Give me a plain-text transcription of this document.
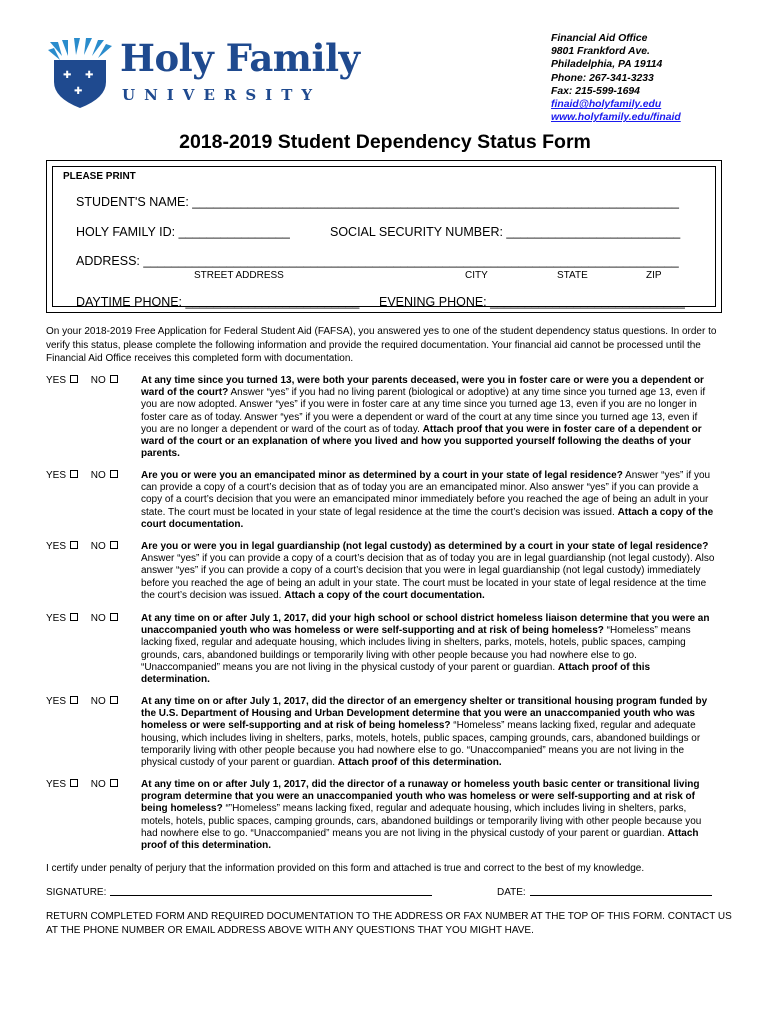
✚ ✚
✚
Holy Family
UNIVERSITY
Financial Aid Office
9801 Frankford Ave.
Philadelphia, PA 19114
Phone: 267-341-3233
Fax: 215-599-1694
finaid@holyfamily.edu
www.holyfamily.edu/finaid
2018-2019 Student Dependency Status Form
PLEASE PRINT
STUDENT'S NAME: ______________________________________________________________________
HOLY FAMILY ID: ________________	SOCIAL SECURITY NUMBER: _________________________
ADDRESS: _____________________________________________________________________________
STREET ADDRESS	CITY	STATE	ZIP
DAYTIME PHONE: _________________________ EVENING PHONE: ____________________________
On your 2018-2019 Free Application for Federal Student Aid (FAFSA), you answered yes to one of the student dependency status questions. In order to verify this status, please complete the following information and provide the required documentation. Your financial aid cannot be processed until the Financial Aid Office receives this completed form with documentation.
YES NO	At any time since you turned 13, were both your parents deceased, were you in foster care or were you a dependent or ward of the court? Answer “yes” if you had no living parent (biological or adoptive) at any time since you turned age 13, even if you are now adopted. Answer “yes” if you were in foster care at any time since you turned age 13, even if you are no longer in foster care as of today. Answer “yes” if you were a dependent or ward of the court at any time since you turned age 13, even if you are no longer a dependent or ward of the court as of today. Attach proof that you were in foster care of a dependent or ward of the court or an explanation of where you lived and how you supported yourself following the deaths of your parents.
YES NO	Are you or were you an emancipated minor as determined by a court in your state of legal residence? Answer “yes” if you can provide a copy of a court’s decision that as of today you are an emancipated minor. Also answer “yes” if you can provide a copy of a court’s decision that you were an emancipated minor immediately before you reached the age of being an adult in your state. The court must be located in your state of legal residence at the time the court’s decision was issued. Attach a copy of the court documentation.
YES NO	Are you or were you in legal guardianship (not legal custody) as determined by a court in your state of legal residence? Answer “yes” if you can provide a copy of a court’s decision that as of today you are in legal guardianship (not legal custody). Also answer “yes” if you can provide a copy of a court’s decision that you were in legal guardianship (not legal custody) immediately before you reached the age of being an adult in your state. The court must be located in your state of legal residence at the time the court’s decision was issued. Attach a copy of the court documentation.
YES NO	At any time on or after July 1, 2017, did your high school or school district homeless liaison determine that you were an unaccompanied youth who was homeless or were self-supporting and at risk of being homeless? “Homeless” means lacking fixed, regular and adequate housing, which includes living in shelters, parks, motels, hotels, public spaces, camping grounds, cars, abandoned buildings or temporarily living with other people because you had nowhere else to go. “Unaccompanied” means you are not living in the physical custody of your parent or guardian. Attach proof of this determination.
YES NO	At any time on or after July 1, 2017, did the director of an emergency shelter or transitional housing program funded by the U.S. Department of Housing and Urban Development determine that you were an unaccompanied youth who was homeless or were self-supporting and at risk of being homeless? “Homeless” means lacking fixed, regular and adequate housing, which includes living in shelters, parks, motels, hotels, public spaces, camping grounds, cars, abandoned buildings or temporarily living with other people because you had nowhere else to go. “Unaccompanied” means you are not living in the physical custody of your parent or guardian. Attach proof of this determination.
YES NO	At any time on or after July 1, 2017, did the director of a runaway or homeless youth basic center or transitional living program determine that you were an unaccompanied youth who was homeless or were self-supporting and at risk of being homeless? “”Homeless” means lacking fixed, regular and adequate housing, which includes living in shelters, parks, motels, hotels, public spaces, camping grounds, cars, abandoned buildings or temporarily living with other people because you had nowhere else to go. “Unaccompanied” means you are not living in the physical custody of your parent or guardian. Attach proof of this determination.
I certify under penalty of perjury that the information provided on this form and attached is true and correct to the best of my knowledge.
SIGNATURE:	DATE:
RETURN COMPLETED FORM AND REQUIRED DOCUMENTATION TO THE ADDRESS OR FAX NUMBER AT THE TOP OF THIS FORM. CONTACT US AT THE PHONE NUMBER OR EMAIL ADDRESS ABOVE WITH ANY QUESTIONS THAT YOU MIGHT HAVE.
